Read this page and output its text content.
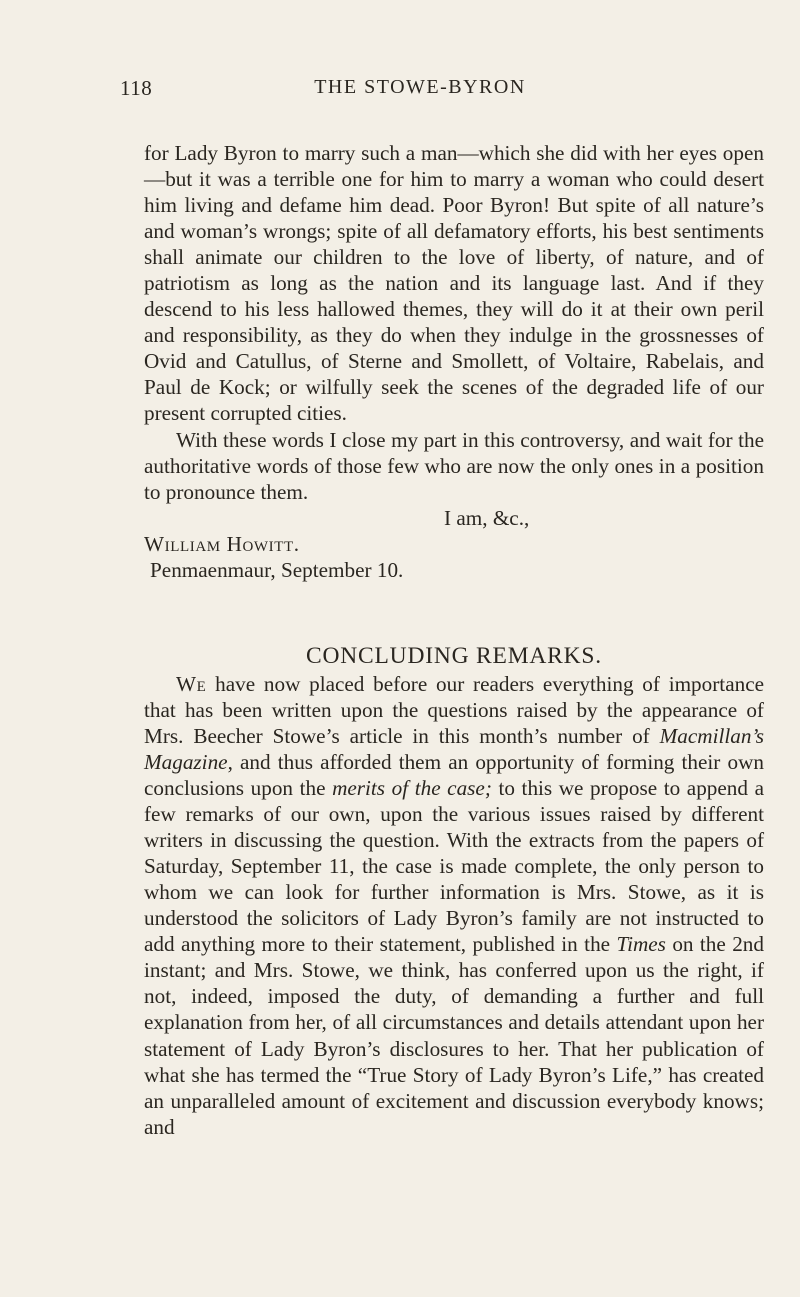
118	THE STOWE-BYRON

for Lady Byron to marry such a man—which she did with her eyes open—but it was a terrible one for him to marry a woman who could desert him living and defame him dead. Poor Byron! But spite of all nature’s and woman’s wrongs; spite of all defamatory efforts, his best sentiments shall animate our children to the love of liberty, of nature, and of patriotism as long as the nation and its language last. And if they descend to his less hallowed themes, they will do it at their own peril and responsibility, as they do when they indulge in the grossnesses of Ovid and Catullus, of Sterne and Smollett, of Voltaire, Rabelais, and Paul de Kock; or wilfully seek the scenes of the degraded life of our present corrupted cities.

With these words I close my part in this controversy, and wait for the authoritative words of those few who are now the only ones in a position to pronounce them.

I am, &c.,

William Howitt.

Penmaenmaur, September 10.

CONCLUDING REMARKS.

We have now placed before our readers everything of importance that has been written upon the questions raised by the appearance of Mrs. Beecher Stowe’s article in this month’s number of Macmillan’s Magazine, and thus afforded them an opportunity of forming their own conclusions upon the merits of the case; to this we propose to append a few remarks of our own, upon the various issues raised by different writers in discussing the question. With the extracts from the papers of Saturday, September 11, the case is made complete, the only person to whom we can look for further information is Mrs. Stowe, as it is understood the solicitors of Lady Byron’s family are not instructed to add anything more to their statement, published in the Times on the 2nd instant; and Mrs. Stowe, we think, has conferred upon us the right, if not, indeed, imposed the duty, of demanding a further and full explanation from her, of all circumstances and details attendant upon her statement of Lady Byron’s disclosures to her. That her publication of what she has termed the “True Story of Lady Byron’s Life,” has created an unparalleled amount of excitement and discussion everybody knows; and
